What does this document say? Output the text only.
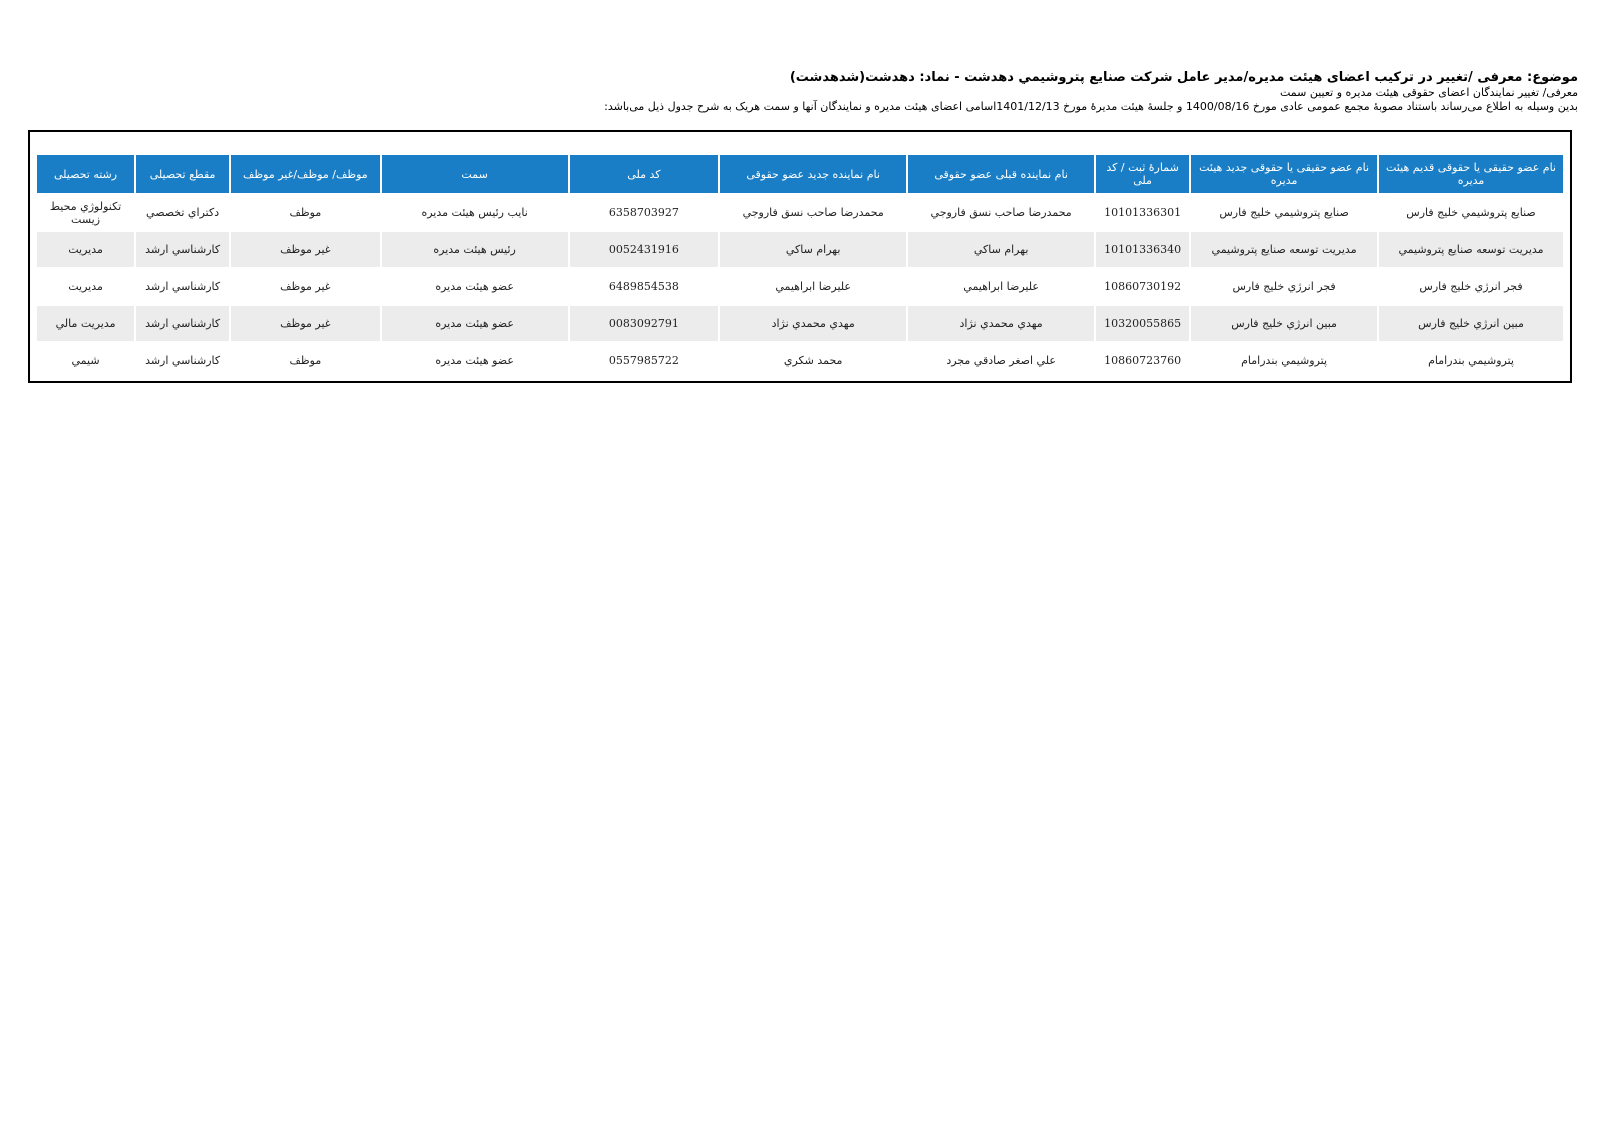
موضوع: معرفی /تغيير در ترکيب اعضای هيئت مديره/مدير عامل شرکت صنايع پتروشيمي دهدشت - نماد: دهدشت(شدهدشت)

معرفی/ تغيير نمايندگان اعضای حقوقی هيئت مديره و تعيين سمت

بدين وسيله به اطلاع می‌رساند باستناد مصوبۀ مجمع عمومی عادی مورخ 1400/08/16 و جلسۀ هيئت مديرۀ مورخ 1401/12/13اسامی اعضای هيئت مديره و نمايندگان آنها و سمت هريک به شرح جدول ذيل می‌باشد:

نام عضو حقيقی يا حقوقی قديم هيئت مديره	نام عضو حقيقی يا حقوقی جديد هيئت مديره	شمارۀ ثبت / کد ملی	نام نماينده قبلی عضو حقوقی	نام نماينده جديد عضو حقوقی	کد ملی	سمت	موظف/ موظف/غير موظف	مقطع تحصيلی	رشته تحصيلی
صنايع پتروشيمي خليج فارس	صنايع پتروشيمي خليج فارس	10101336301	محمدرضا صاحب نسق فاروجي	محمدرضا صاحب نسق فاروجي	6358703927	نايب رئيس هيئت مديره	موظف	دکتراي تخصصي	تکنولوژي محيط زيست
مديريت توسعه صنايع پتروشيمي	مديريت توسعه صنايع پتروشيمي	10101336340	بهرام ساکي	بهرام ساکي	0052431916	رئيس هيئت مديره	غير موظف	کارشناسي ارشد	مديريت
فجر انرژي خليج فارس	فجر انرژي خليج فارس	10860730192	عليرضا ابراهيمي	عليرضا ابراهيمي	6489854538	عضو هيئت مديره	غير موظف	کارشناسي ارشد	مديريت
مبين انرژي خليج فارس	مبين انرژي خليج فارس	10320055865	مهدي محمدي نژاد	مهدي محمدي نژاد	0083092791	عضو هيئت مديره	غير موظف	کارشناسي ارشد	مديريت مالي
پتروشيمي بندرامام	پتروشيمي بندرامام	10860723760	علي اصغر صادقي مجرد	محمد شکري	0557985722	عضو هيئت مديره	موظف	کارشناسي ارشد	شيمي
